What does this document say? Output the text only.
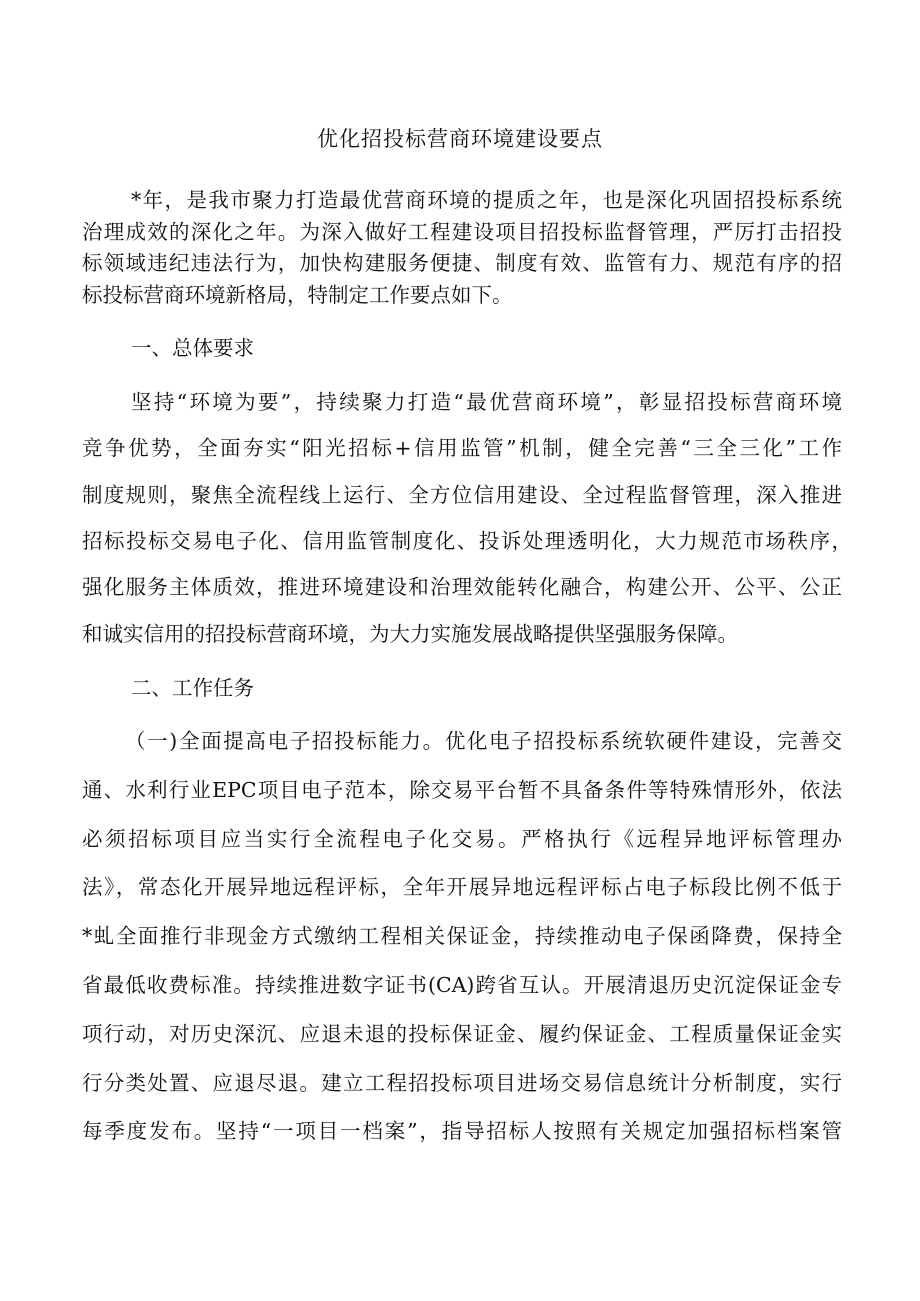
优化招投标营商环境建设要点

*年，是我市聚力打造最优营商环境的提质之年，也是深化巩固招投标系统

治理成效的深化之年。为深入做好工程建设项目招投标监督管理，严厉打击招投

标领域违纪违法行为，加快构建服务便捷、制度有效、监管有力、规范有序的招

标投标营商环境新格局，特制定工作要点如下。

一、总体要求

坚持“环境为要”，持续聚力打造“最优营商环境”，彰显招投标营商环境

竞争优势，全面夯实“阳光招标+信用监管”机制，健全完善“三全三化”工作

制度规则，聚焦全流程线上运行、全方位信用建设、全过程监督管理，深入推进

招标投标交易电子化、信用监管制度化、投诉处理透明化，大力规范市场秩序，

强化服务主体质效，推进环境建设和治理效能转化融合，构建公开、公平、公正

和诚实信用的招投标营商环境，为大力实施发展战略提供坚强服务保障。

二、工作任务

（一)全面提高电子招投标能力。优化电子招投标系统软硬件建设，完善交

通、水利行业EPC项目电子范本，除交易平台暂不具备条件等特殊情形外，依法

必须招标项目应当实行全流程电子化交易。严格执行《远程异地评标管理办

法》，常态化开展异地远程评标，全年开展异地远程评标占电子标段比例不低于

*虬全面推行非现金方式缴纳工程相关保证金，持续推动电子保函降费，保持全

省最低收费标准。持续推进数字证书(CA)跨省互认。开展清退历史沉淀保证金专

项行动，对历史深沉、应退未退的投标保证金、履约保证金、工程质量保证金实

行分类处置、应退尽退。建立工程招投标项目进场交易信息统计分析制度，实行

每季度发布。坚持“一项目一档案”，指导招标人按照有关规定加强招标档案管
